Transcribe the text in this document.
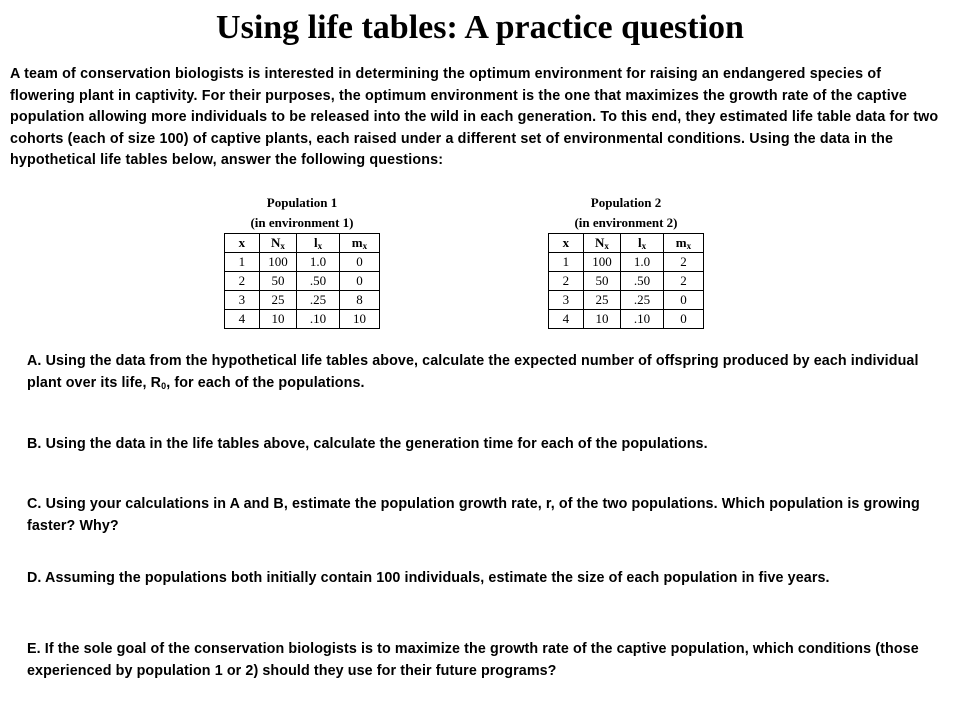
Using life tables: A practice question
A team of conservation biologists is interested in determining the optimum environment for raising an endangered species of flowering plant in captivity. For their purposes, the optimum environment is the one that maximizes the growth rate of the captive population allowing more individuals to be released into the wild in each generation. To this end, they estimated life table data for two cohorts (each of size 100) of captive plants, each raised under a different set of environmental conditions. Using the data in the hypothetical life tables below, answer the following questions:
Population 1
(in environment 1)
x	$N_x$	$l_x$	$m_x$
1	100	1.0	0
2	50	.50	0
3	25	.25	8
4	10	.10	10
Population 2
(in environment 2)
x	$N_x$	$l_x$	$m_x$
1	100	1.0	2
2	50	.50	2
3	25	.25	0
4	10	.10	0
A. Using the data from the hypothetical life tables above, calculate the expected number of offspring produced by each individual plant over its life, $R_0$, for each of the populations.
B. Using the data in the life tables above, calculate the generation time for each of the populations.
C. Using your calculations in A and B, estimate the population growth rate, r, of the two populations. Which population is growing faster? Why?
D. Assuming the populations both initially contain 100 individuals, estimate the size of each population in five years.
E. If the sole goal of the conservation biologists is to maximize the growth rate of the captive population, which conditions (those experienced by population 1 or 2) should they use for their future programs?
